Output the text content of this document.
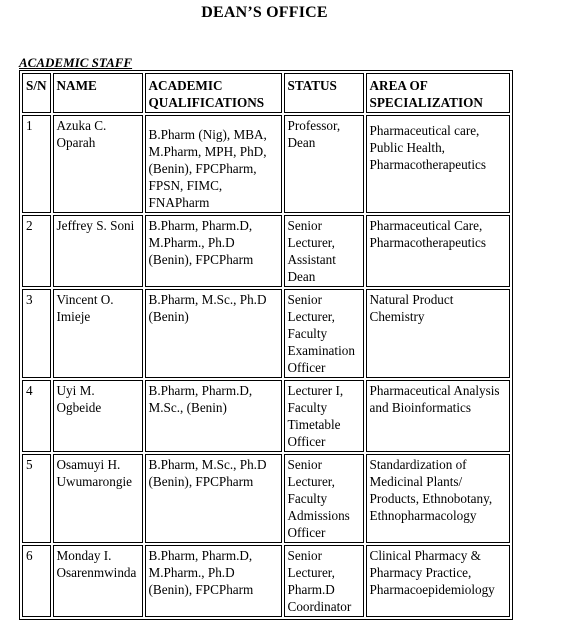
DEAN’S OFFICE
ACADEMIC STAFF
S/N	NAME	ACADEMIC QUALIFICATIONS	STATUS	AREA OF SPECIALIZATION
1	Azuka C. Oparah	B.Pharm (Nig), MBA, M.Pharm, MPH, PhD, (Benin), FPCPharm, FPSN, FIMC, FNAPharm	Professor, Dean	Pharmaceutical care, Public Health, Pharmacotherapeutics
2	Jeffrey S. Soni	B.Pharm, Pharm.D, M.Pharm., Ph.D (Benin), FPCPharm	Senior Lecturer, Assistant Dean	Pharmaceutical Care, Pharmacotherapeutics
3	Vincent O. Imieje	B.Pharm, M.Sc., Ph.D (Benin)	Senior Lecturer, Faculty Examination Officer	Natural Product Chemistry
4	Uyi M. Ogbeide	B.Pharm, Pharm.D, M.Sc., (Benin)	Lecturer I, Faculty Timetable Officer	Pharmaceutical Analysis and Bioinformatics
5	Osamuyi H. Uwumarongie	B.Pharm, M.Sc., Ph.D (Benin), FPCPharm	Senior Lecturer, Faculty Admissions Officer	Standardization of Medicinal Plants/ Products, Ethnobotany, Ethnopharmacology
6	Monday I. Osarenmwinda	B.Pharm, Pharm.D, M.Pharm., Ph.D (Benin), FPCPharm	Senior Lecturer, Pharm.D Coordinator	Clinical Pharmacy & Pharmacy Practice, Pharmacoepidemiology
